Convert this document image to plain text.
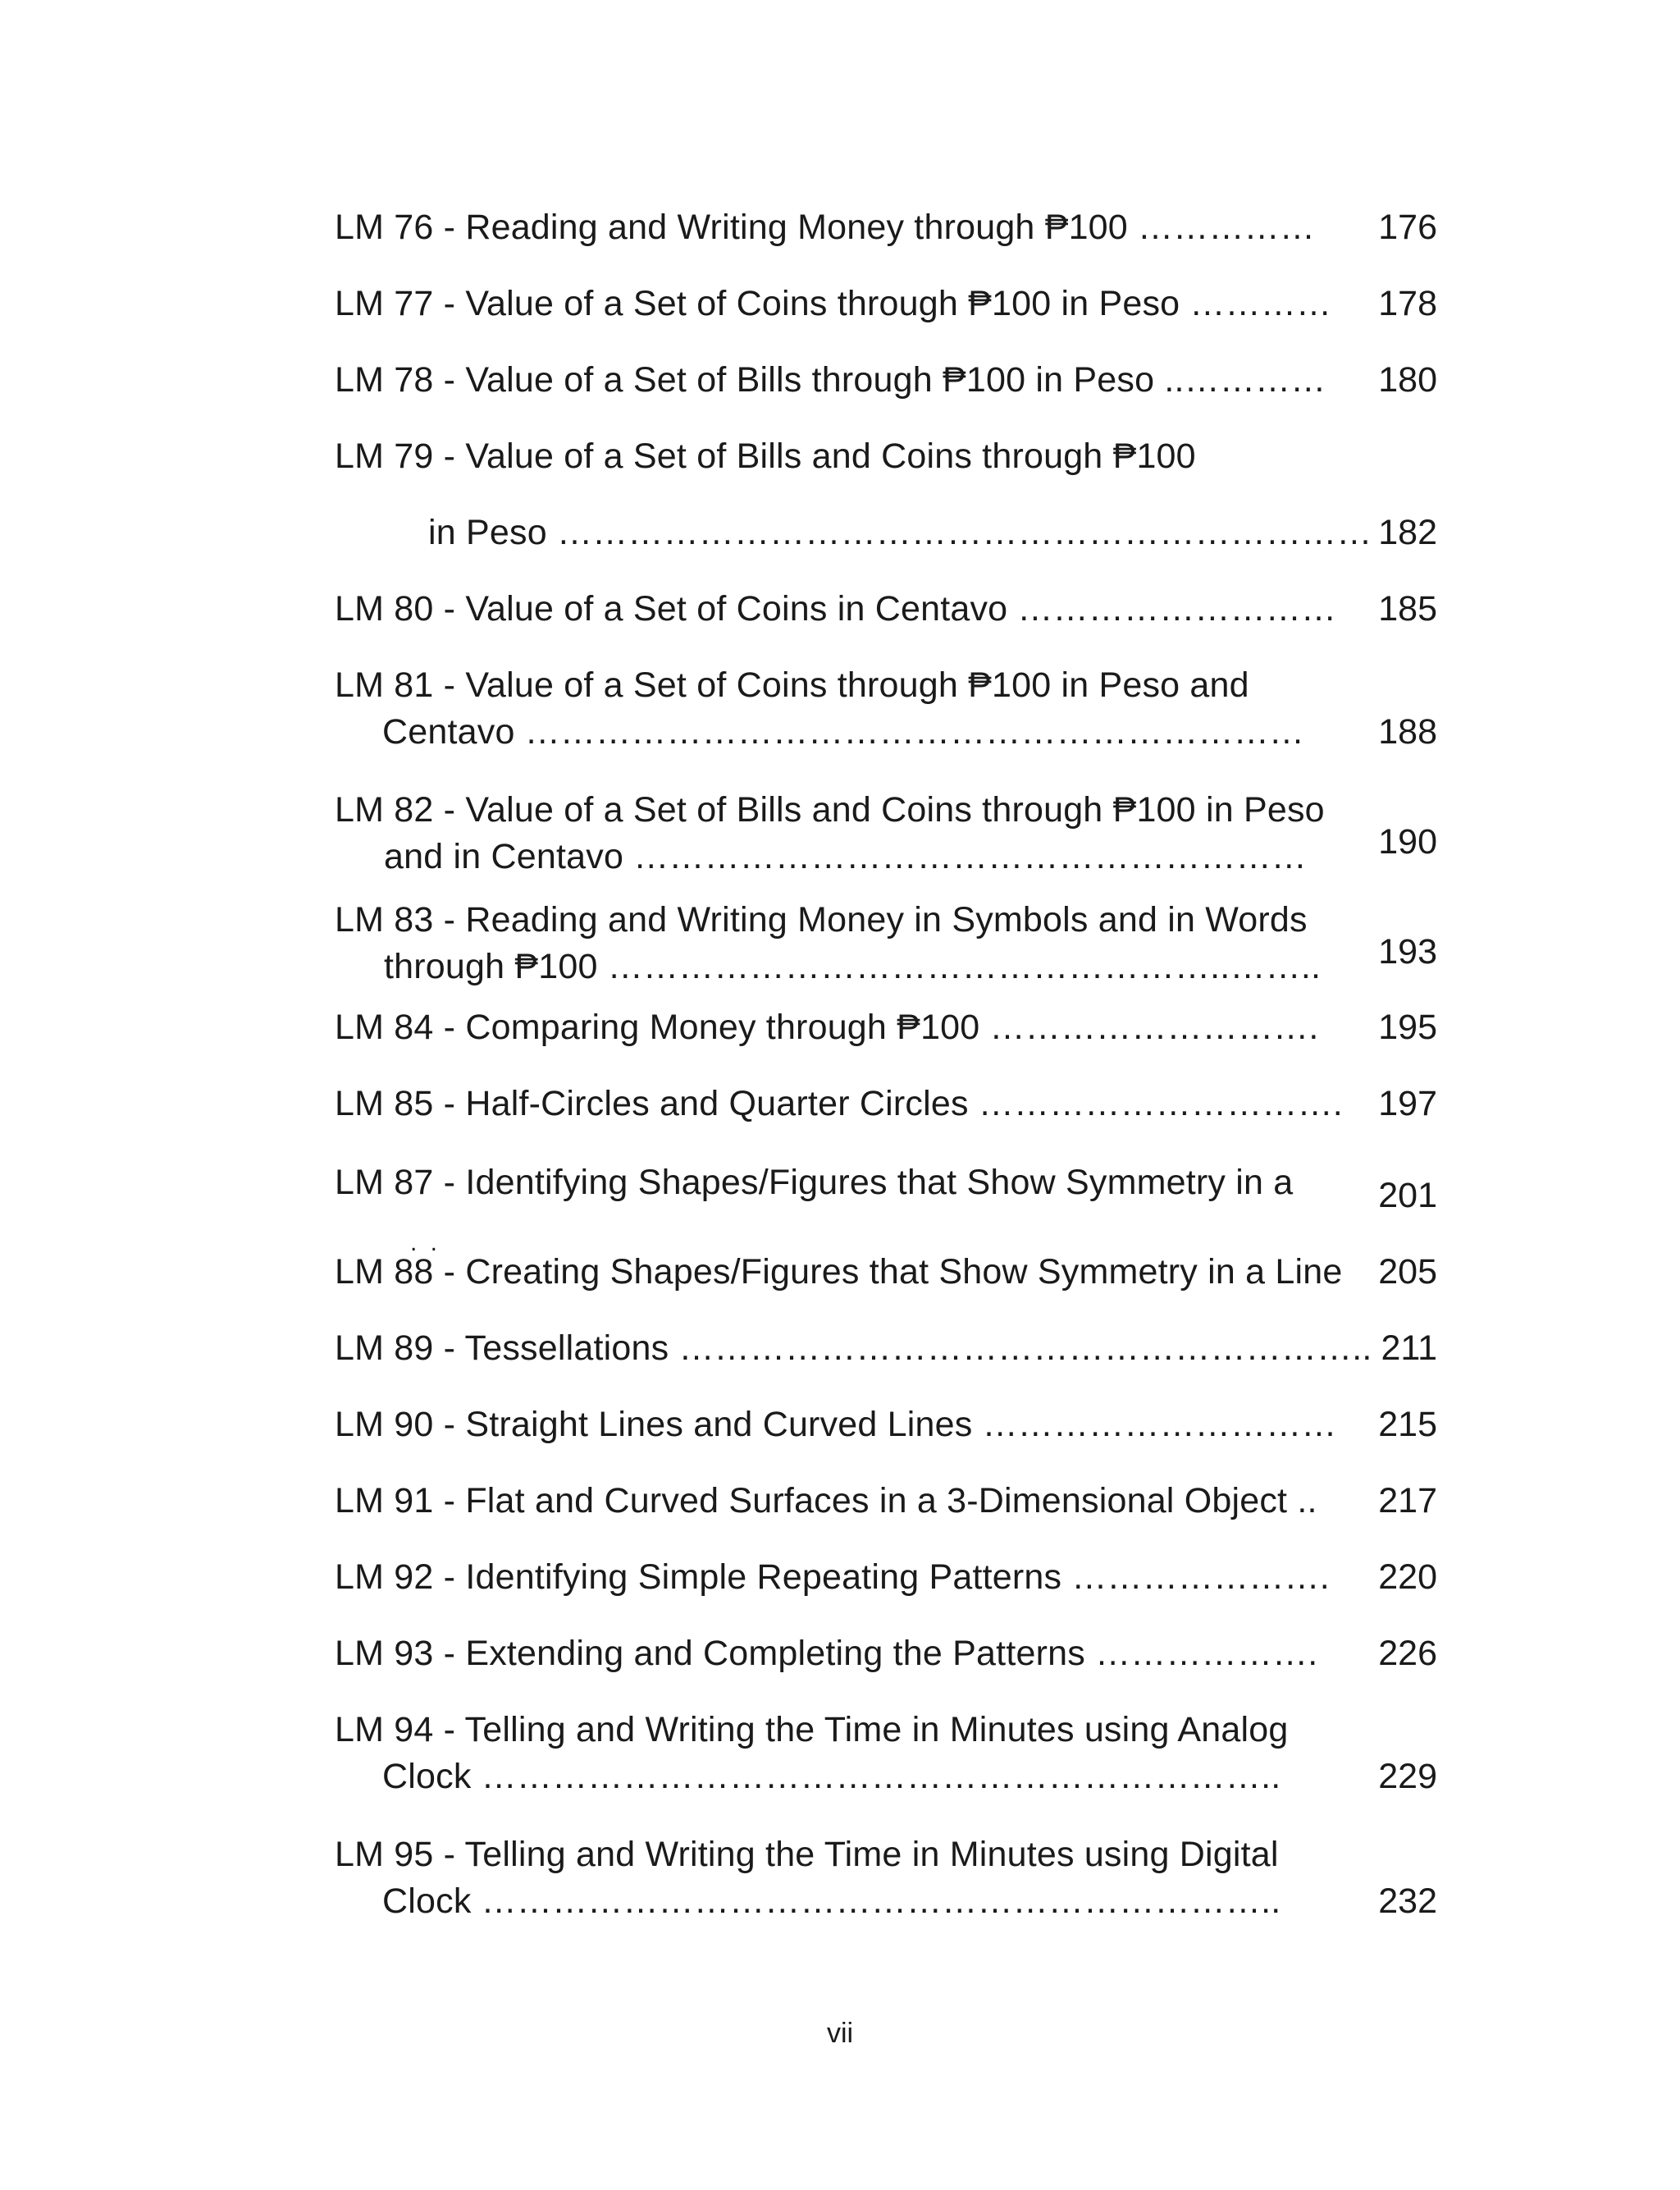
LM 76 - Reading and Writing Money through ₱100 ……………	176
LM 77 - Value of a Set of Coins through ₱100 in Peso …………	178
LM 78 - Value of a Set of Bills through ₱100 in Peso ..…………	180
LM 79 - Value of a Set of Bills and Coins through ₱100
in Peso …………………………………………………………… 182
LM 80 - Value of a Set of Coins in Centavo ………………………	185
LM 81 - Value of a Set of Coins through ₱100 in Peso and
Centavo …………………………………………………………	188
LM 82 - Value of a Set of Bills and Coins through ₱100 in Peso
and in Centavo …………………………………………………	190
LM 83 - Reading and Writing Money in Symbols and in Words
through ₱100 ……………………………………………..……..	193
LM 84 - Comparing Money through ₱100 ……………………….	195
LM 85 - Half-Circles and Quarter Circles ………………………….	197
LM 87 - Identifying Shapes/Figures that Show Symmetry in a	201
. .
LM 88 - Creating Shapes/Figures that Show Symmetry in a Line	205
LM 89 - Tessellations ………………………………………………….. 211
LM 90 - Straight Lines and Curved Lines …………………………	215
LM 91 - Flat and Curved Surfaces in a 3-Dimensional Object ..	217
LM 92 - Identifying Simple Repeating Patterns ………………….	220
LM 93 - Extending and Completing the Patterns ……………….	226
LM 94 - Telling and Writing the Time in Minutes using Analog
Clock …………………………………………………………..	229
LM 95 - Telling and Writing the Time in Minutes using Digital
Clock …………………………………………………………..	232
vii
